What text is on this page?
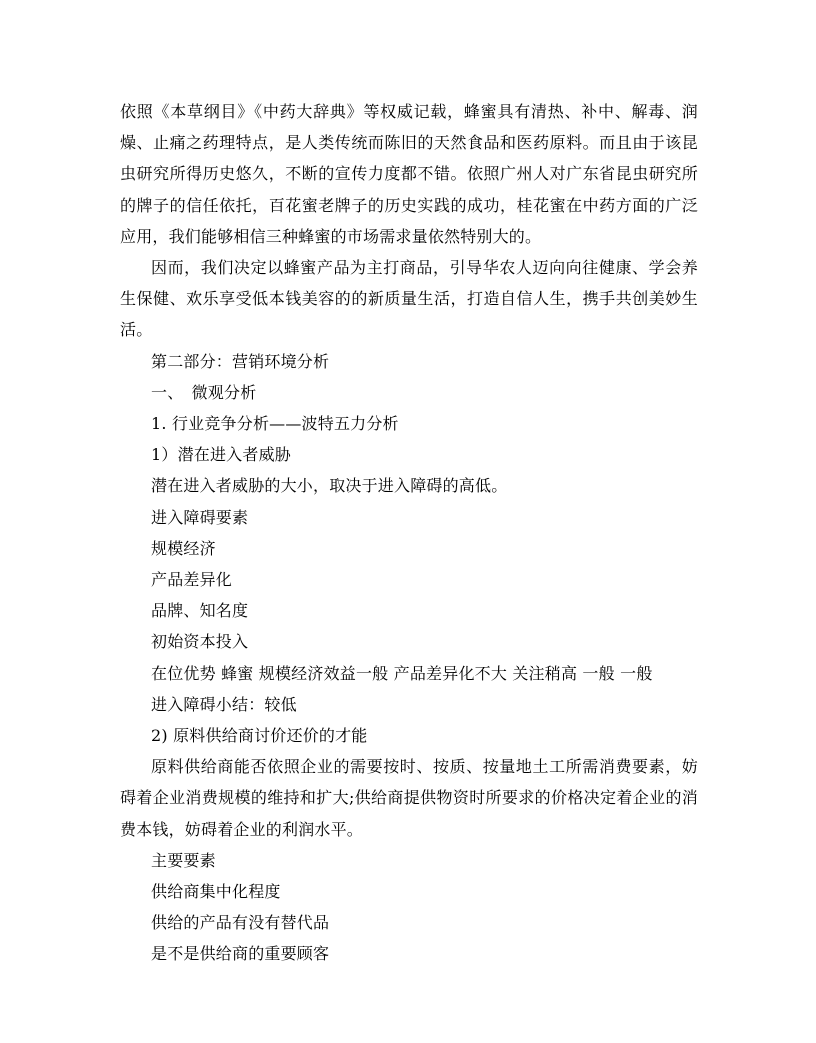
依照《本草纲目》《中药大辞典》等权威记载，蜂蜜具有清热、补中、解毒、润燥、止痛之药理特点，是人类传统而陈旧的天然食品和医药原料。而且由于该昆虫研究所得历史悠久，不断的宣传力度都不错。依照广州人对广东省昆虫研究所的牌子的信任依托，百花蜜老牌子的历史实践的成功，桂花蜜在中药方面的广泛应用，我们能够相信三种蜂蜜的市场需求量依然特别大的。

因而，我们决定以蜂蜜产品为主打商品，引导华农人迈向向往健康、学会养生保健、欢乐享受低本钱美容的的新质量生活，打造自信人生，携手共创美妙生活。

第二部分：营销环境分析

一、　微观分析

1. 行业竞争分析——波特五力分析

1）潜在进入者威胁

潜在进入者威胁的大小，取决于进入障碍的高低。

进入障碍要素

规模经济

产品差异化

品牌、知名度

初始资本投入

在位优势 蜂蜜 规模经济效益一般 产品差异化不大 关注稍高 一般 一般

进入障碍小结：较低

2) 原料供给商讨价还价的才能

原料供给商能否依照企业的需要按时、按质、按量地土工所需消费要素，妨碍着企业消费规模的维持和扩大;供给商提供物资时所要求的价格决定着企业的消费本钱，妨碍着企业的利润水平。

主要要素

供给商集中化程度

供给的产品有没有替代品

是不是供给商的重要顾客
